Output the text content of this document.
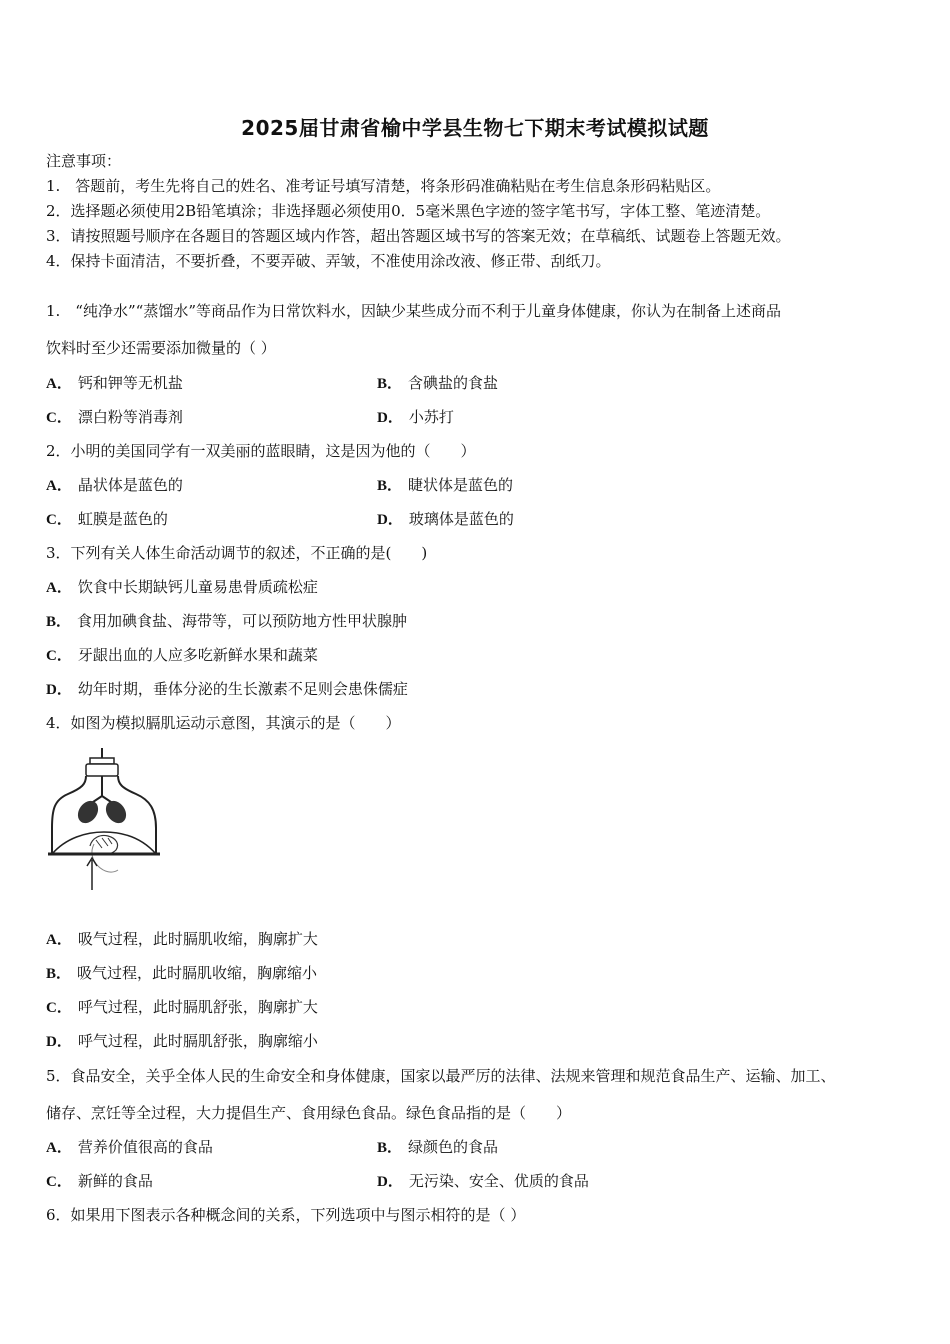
2025届甘肃省榆中学县生物七下期末考试模拟试题
注意事项：
1.　答题前，考生先将自己的姓名、准考证号填写清楚，将条形码准确粘贴在考生信息条形码粘贴区。
2．选择题必须使用2B铅笔填涂；非选择题必须使用0．5毫米黑色字迹的签字笔书写，字体工整、笔迹清楚。
3．请按照题号顺序在各题目的答题区域内作答，超出答题区域书写的答案无效；在草稿纸、试题卷上答题无效。
4．保持卡面清洁，不要折叠，不要弄破、弄皱，不准使用涂改液、修正带、刮纸刀。
1.　“纯净水”“蒸馏水”等商品作为日常饮料水，因缺少某些成分而不利于儿童身体健康，你认为在制备上述商品
饮料时至少还需要添加微量的（ ）
A． 钙和钾等无机盐	B． 含碘盐的食盐
C． 漂白粉等消毒剂	D． 小苏打
2．小明的美国同学有一双美丽的蓝眼睛，这是因为他的（　　）
A． 晶状体是蓝色的	B． 睫状体是蓝色的
C． 虹膜是蓝色的	D． 玻璃体是蓝色的
3．下列有关人体生命活动调节的叙述，不正确的是(　　)
A． 饮食中长期缺钙儿童易患骨质疏松症
B． 食用加碘食盐、海带等，可以预防地方性甲状腺肿
C． 牙龈出血的人应多吃新鲜水果和蔬菜
D． 幼年时期，垂体分泌的生长激素不足则会患侏儒症
4．如图为模拟膈肌运动示意图，其演示的是（　　）
A． 吸气过程，此时膈肌收缩，胸廓扩大
B． 吸气过程，此时膈肌收缩，胸廓缩小
C． 呼气过程，此时膈肌舒张，胸廓扩大
D． 呼气过程，此时膈肌舒张，胸廓缩小
5．食品安全，关乎全体人民的生命安全和身体健康，国家以最严厉的法律、法规来管理和规范食品生产、运输、加工、
储存、烹饪等全过程，大力提倡生产、食用绿色食品。绿色食品指的是（　　）
A． 营养价值很高的食品	B． 绿颜色的食品
C． 新鲜的食品	D． 无污染、安全、优质的食品
6．如果用下图表示各种概念间的关系，下列选项中与图示相符的是（ ）
